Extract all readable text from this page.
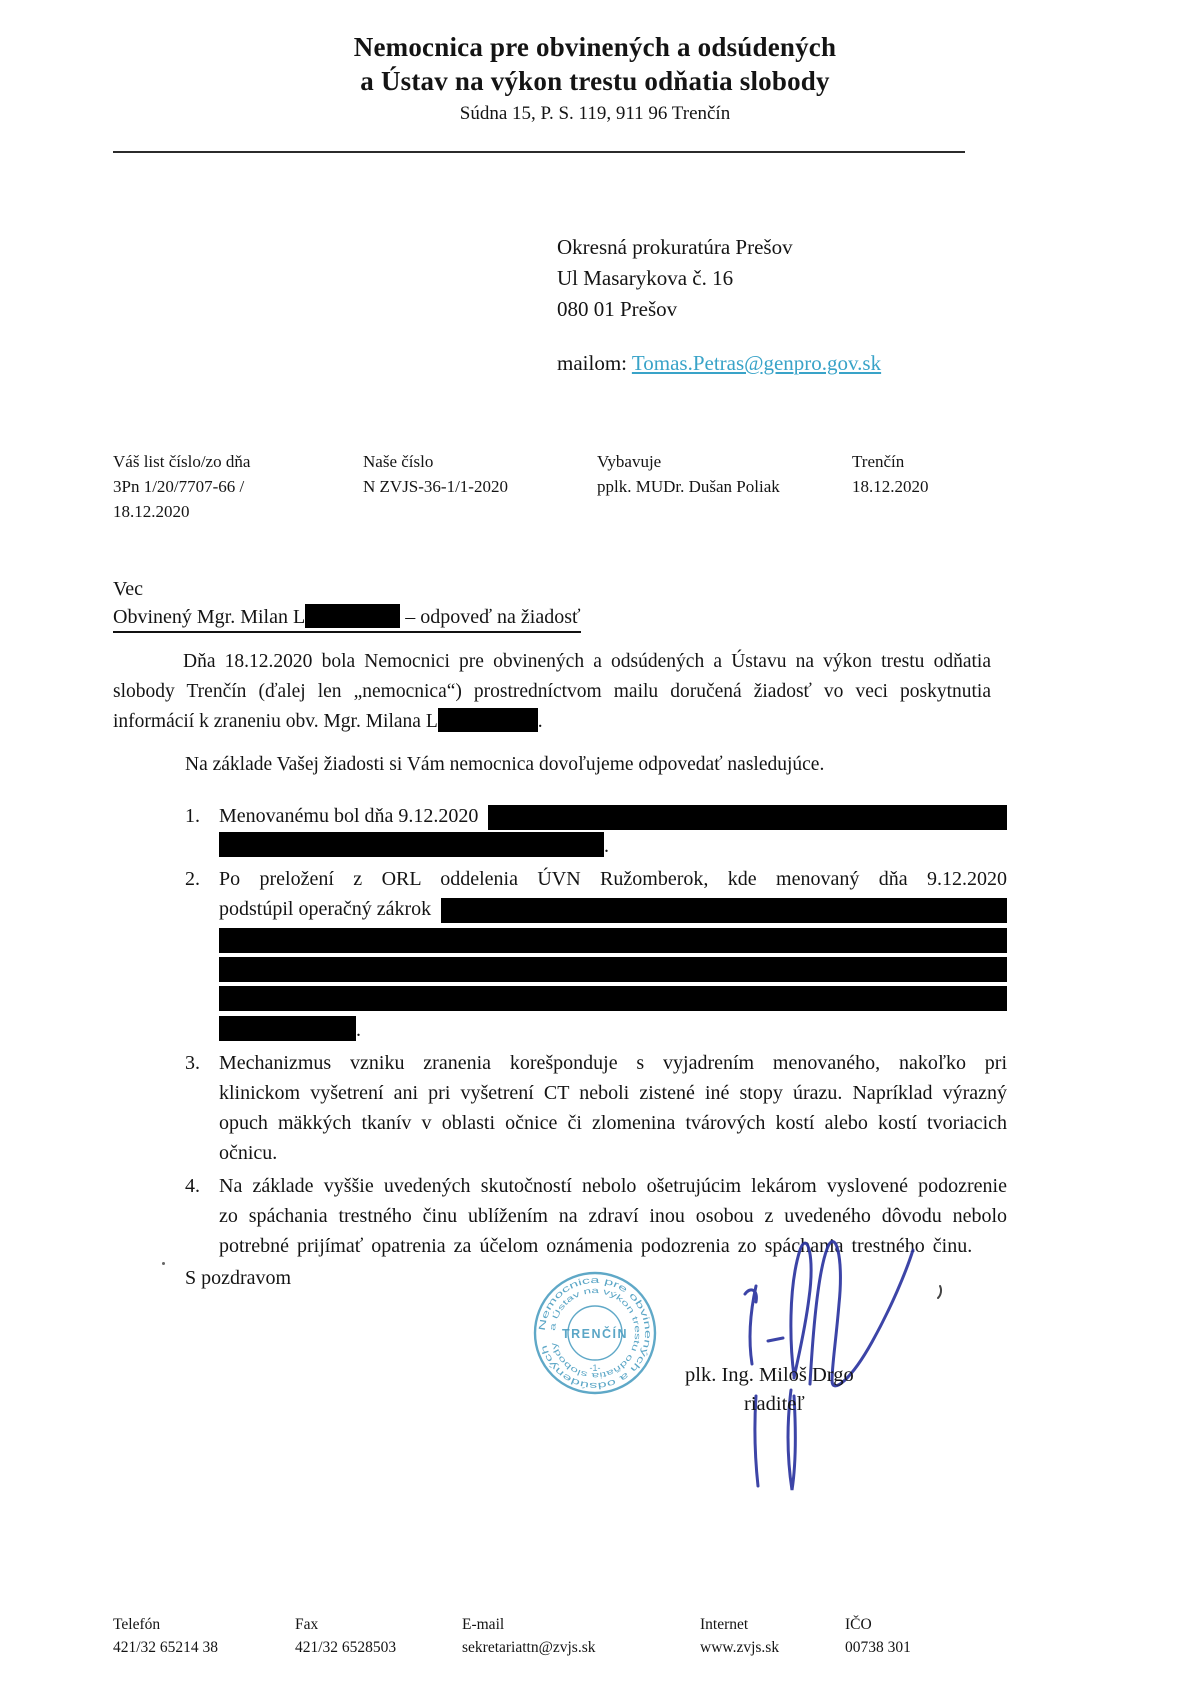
Nemocnica pre obvinených a odsúdených
a Ústav na výkon trestu odňatia slobody
Súdna 15, P. S. 119, 911 96 Trenčín
Okresná prokuratúra Prešov
Ul Masarykova č. 16
080 01 Prešov
mailom: Tomas.Petras@genpro.gov.sk
Váš list číslo/zo dňa
3Pn 1/20/7707-66 /
18.12.2020
Naše číslo
N ZVJS-36-1/1-2020
Vybavuje
pplk. MUDr. Dušan Poliak
Trenčín
18.12.2020
Vec
Obvinený Mgr. Milan L	– odpoveď na žiadosť
Dňa 18.12.2020 bola Nemocnici pre obvinených a odsúdených a Ústavu na výkon trestu odňatia slobody Trenčín (ďalej len „nemocnica“) prostredníctvom mailu doručená žiadosť vo veci poskytnutia informácií k zraneniu obv. Mgr. Milana L	.
Na základe Vašej žiadosti si Vám nemocnica dovoľujeme odpovedať nasledujúce.
1. Menovanému bol dňa 9.12.2020
.
2. Po preložení z ORL oddelenia ÚVN Ružomberok, kde menovaný dňa 9.12.2020
podstúpil operačný zákrok
.
3. Mechanizmus vzniku zranenia korešponduje s vyjadrením menovaného, nakoľko pri klinickom vyšetrení ani pri vyšetrení CT neboli zistené iné stopy úrazu. Napríklad výrazný opuch mäkkých tkanív v oblasti očnice či zlomenina tvárových kostí alebo kostí tvoriacich očnicu.
4. Na základe vyššie uvedených skutočností nebolo ošetrujúcim lekárom vyslovené podozrenie zo spáchania trestného činu ublížením na zdraví inou osobou z uvedeného dôvodu nebolo potrebné prijímať opatrenia za účelom oznámenia podozrenia zo spáchania trestného činu.
S pozdravom
Nemocnica pre obvinených a odsúdených
a Ústav na výkon trestu odňatia slobody
TRENČÍN
-1-	plk. Ing. Miloš Drgo
riaditeľ
Telefón
421/32 65214 38
Fax
421/32 6528503
E-mail
sekretariattn@zvjs.sk
Internet
www.zvjs.sk
IČO
00738 301
